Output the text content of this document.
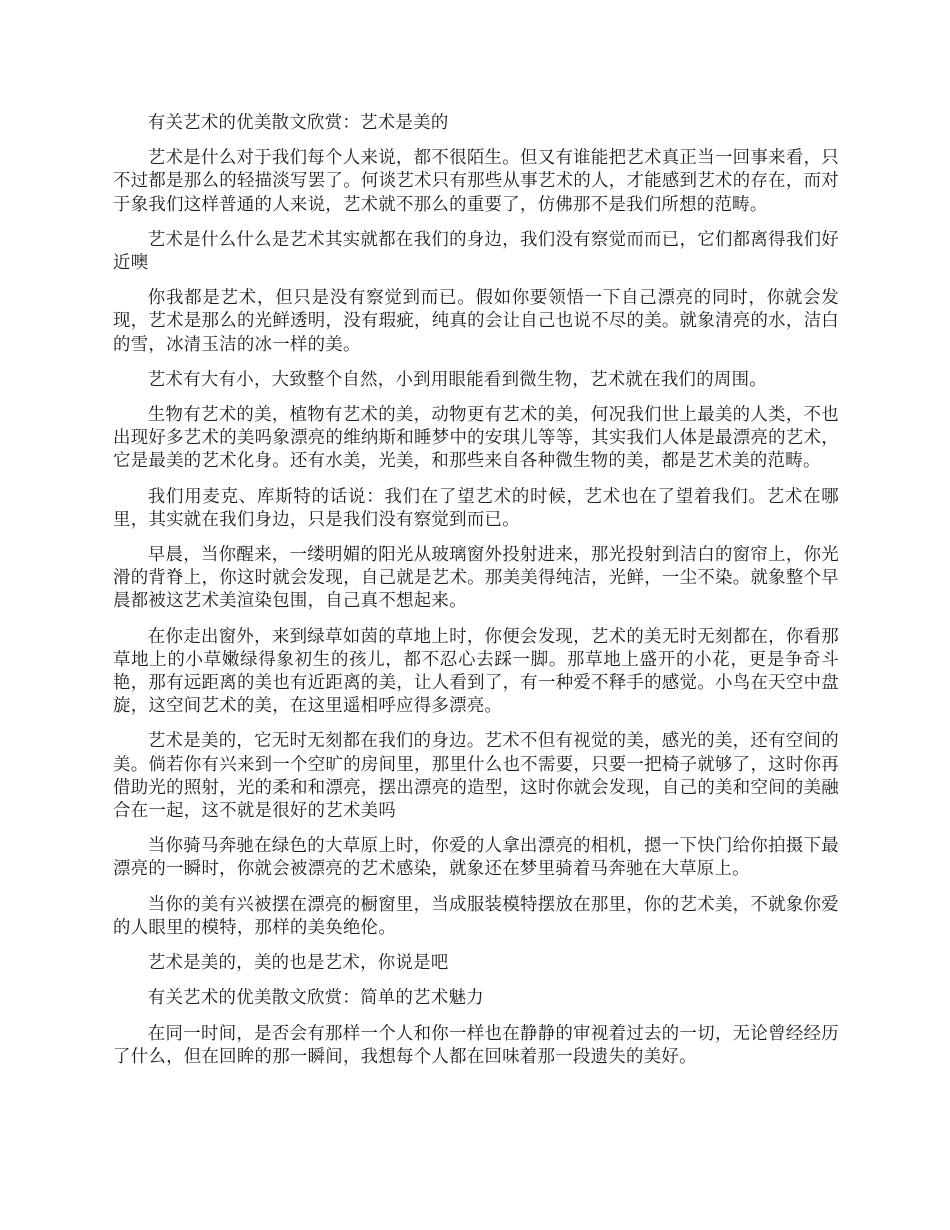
有关艺术的优美散文欣赏：艺术是美的

艺术是什么对于我们每个人来说，都不很陌生。但又有谁能把艺术真正当一回事来看，只不过都是那么的轻描淡写罢了。何谈艺术只有那些从事艺术的人，才能感到艺术的存在，而对于象我们这样普通的人来说，艺术就不那么的重要了，仿佛那不是我们所想的范畴。

艺术是什么什么是艺术其实就都在我们的身边，我们没有察觉而而已，它们都离得我们好近噢

你我都是艺术，但只是没有察觉到而已。假如你要领悟一下自己漂亮的同时，你就会发现，艺术是那么的光鲜透明，没有瑕疵，纯真的会让自己也说不尽的美。就象清亮的水，洁白的雪，冰清玉洁的冰一样的美。

艺术有大有小，大致整个自然，小到用眼能看到微生物，艺术就在我们的周围。

生物有艺术的美，植物有艺术的美，动物更有艺术的美，何况我们世上最美的人类，不也出现好多艺术的美吗象漂亮的维纳斯和睡梦中的安琪儿等等，其实我们人体是最漂亮的艺术，它是最美的艺术化身。还有水美，光美，和那些来自各种微生物的美，都是艺术美的范畴。

我们用麦克、库斯特的话说：我们在了望艺术的时候，艺术也在了望着我们。艺术在哪里，其实就在我们身边，只是我们没有察觉到而已。

早晨，当你醒来，一缕明媚的阳光从玻璃窗外投射进来，那光投射到洁白的窗帘上，你光滑的背脊上，你这时就会发现，自己就是艺术。那美美得纯洁，光鲜，一尘不染。就象整个早晨都被这艺术美渲染包围，自己真不想起来。

在你走出窗外，来到绿草如茵的草地上时，你便会发现，艺术的美无时无刻都在，你看那草地上的小草嫩绿得象初生的孩儿，都不忍心去踩一脚。那草地上盛开的小花，更是争奇斗艳，那有远距离的美也有近距离的美，让人看到了，有一种爱不释手的感觉。小鸟在天空中盘旋，这空间艺术的美，在这里遥相呼应得多漂亮。

艺术是美的，它无时无刻都在我们的身边。艺术不但有视觉的美，感光的美，还有空间的美。倘若你有兴来到一个空旷的房间里，那里什么也不需要，只要一把椅子就够了，这时你再借助光的照射，光的柔和和漂亮，摆出漂亮的造型，这时你就会发现，自己的美和空间的美融合在一起，这不就是很好的艺术美吗

当你骑马奔驰在绿色的大草原上时，你爱的人拿出漂亮的相机，摁一下快门给你拍摄下最漂亮的一瞬时，你就会被漂亮的艺术感染，就象还在梦里骑着马奔驰在大草原上。

当你的美有兴被摆在漂亮的橱窗里，当成服装模特摆放在那里，你的艺术美，不就象你爱的人眼里的模特，那样的美奂绝伦。

艺术是美的，美的也是艺术，你说是吧

有关艺术的优美散文欣赏：简单的艺术魅力

在同一时间，是否会有那样一个人和你一样也在静静的审视着过去的一切，无论曾经经历了什么，但在回眸的那一瞬间，我想每个人都在回味着那一段遗失的美好。
